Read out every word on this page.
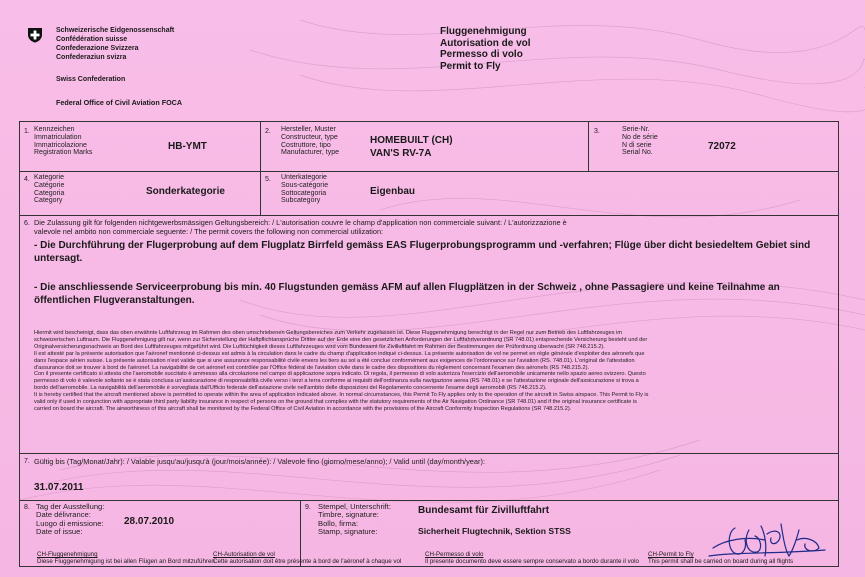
Schweizerische Eidgenossenschaft
Confédération suisse
Confederazione Svizzera
Confederaziun svizra
Swiss Confederation
Federal Office of Civil Aviation FOCA
Fluggenehmigung
Autorisation de vol
Permesso di volo
Permit to Fly
1. Kennzeichen
Immatriculation
Immatricolazione
Registration Marks
HB-YMT
2. Hersteller, Muster
Constructeur, type
Costruttore, tipo
Manufacturer, type
HOMEBUILT (CH)
VAN'S RV-7A
3.	Serie-Nr.
No de série
N di serie
Serial No.
72072
4. Kategorie
Catégorie
Categoria
Category
Sonderkategorie
5. Unterkategorie
Sous-catégorie
Sottocategoria
Subcategory
Eigenbau
6. Die Zulassung gilt für folgenden nichtgewerbsmässigen Geltungsbereich: / L'autorisation couvre le champ d'application non commerciale suivant: / L'autorizzazione è
valevole nel ambito non commerciale seguente: / The permit covers the following non commercial utilization:
- Die Durchführung der Flugerprobung auf dem Flugplatz Birrfeld gemäss EAS Flugerprobungsprogramm und -verfahren; Flüge über dicht besiedeltem Gebiet sind untersagt.
- Die anschliessende Serviceerprobung bis min. 40 Flugstunden gemäss AFM auf allen Flugplätzen in der Schweiz , ohne Passagiere und keine Teilnahme an öffentlichen Flugveranstaltungen.
Hiermit wird bescheinigt, dass das oben erwähnte Luftfahrzeug im Rahmen des oben umschriebenen Geltungsbereiches zum Verkehr zugelassen ist. Diese Fluggenehmigung berechtigt in der Regel nur zum Betrieb des Luftfahrzeuges im
schweizerischen Luftraum. Die Fluggenehmigung gilt nur, wenn zur Sicherstellung der Haftpflichtansprüche Dritter auf der Erde eine den gesetzlichen Anforderungen der Luftfahrtverordnung (SR 748.01) entsprechende Versicherung besteht und der
Originalversicherungsnachweis an Bord des Luftfahrzeuges mitgeführt wird. Die Lufttüchtigkeit dieses Luftfahrzeuges wird vom Bundesamt für Zivilluftfahrt im Rahmen der Bestimmungen der Prüfordnung überwacht (SR 748.215.2).
Il est attesté par la présente autorisation que l'aéronef mentionné ci-dessus est admis à la circulation dans le cadre du champ d'application indiqué ci-dessus. La présente autorisation de vol ne permet en règle générale d'exploiter des aéronefs que
dans l'espace aérien suisse. La présente autorisation n'est valide que si une assurance responsabilité civile envers les tiers au sol a été conclue conformément aux exigences de l'ordonnance sur l'aviation (RS. 748.01). L'original de l'attestation
d'assurance doit se trouver à bord de l'aéronef. La navigabilité de cet aéronef est contrôlée par l'Office fédéral de l'aviation civile dans le cadre des dispositions du règlement concernant l'examen des aéronefs (RS 748.215.2).
Con il presente certificato si attesta che l'aeromobile succitato è ammesso alla circolazione nel campo di applicazione sopra indicato. Di regola, il permesso di volo autorizza l'esercizio dell'aeromobile unicamente nello spazio aereo svizzero. Questo
permesso di volo è valevole soltanto se è stata conclusa un'assicurazione di responsabilità civile verso i terzi a terra conforme ai requisiti dell'ordinanza sulla navigazione aerea (RS 748.01) e se l'attestazione originale dell'assicurazione si trova a
bordo dell'aeromobile. La navigabilità dell'aeromobile è sorvegliata dall'Ufficio federale dell'aviazione civile nell'ambito delle disposizioni del Regolamento concernente l'esame degli aeromobili (RS 748.215.2).
It is hereby certified that the aircraft mentioned above is permitted to operate within the area of application indicated above. In normal circumstances, this Permit To Fly applies only to the operation of the aircraft in Swiss airspace. This Permit to Fly is
valid only if used in conjunction with appropriate third party liability insurance in respect of persons on the ground that complies with the statutory requirements of the Air Navigation Ordinance (SR 748.01) and if the original insurance certificate is
carried on board the aircraft. The airworthiness of this aircraft shall be monitored by the Federal Office of Civil Aviation in accordance with the provisions of the Aircraft Conformity Inspection Regulations (SR 748.215.2).
7. Gültig bis (Tag/Monat/Jahr): / Valable jusqu'au/jusqu'à (jour/mois/année): / Valevole fino (giorno/mese/anno); / Valid until (day/month/year):
31.07.2011
8. Tag der Ausstellung:
Date délivrance:
Luogo di emissione:
Date of issue:
28.07.2010
9. Stempel, Unterschrift:
Timbre, signature:
Bollo, firma:
Stamp, signature:
Bundesamt für Zivilluftfahrt
Sicherheit Flugtechnik, Sektion STSS
CH-Fluggenehmigung
Diese Fluggenehmigung ist bei allen Flügen an Bord mitzuführen
CH-Autorisation de vol
Cette autorisation doit être présente à bord de l'aéronef à chaque vol
CH-Permesso di volo
Il presente documento deve essere sempre conservato a bordo durante il volo
CH-Permit to Fly
This permit shall be carried on board during all flights
